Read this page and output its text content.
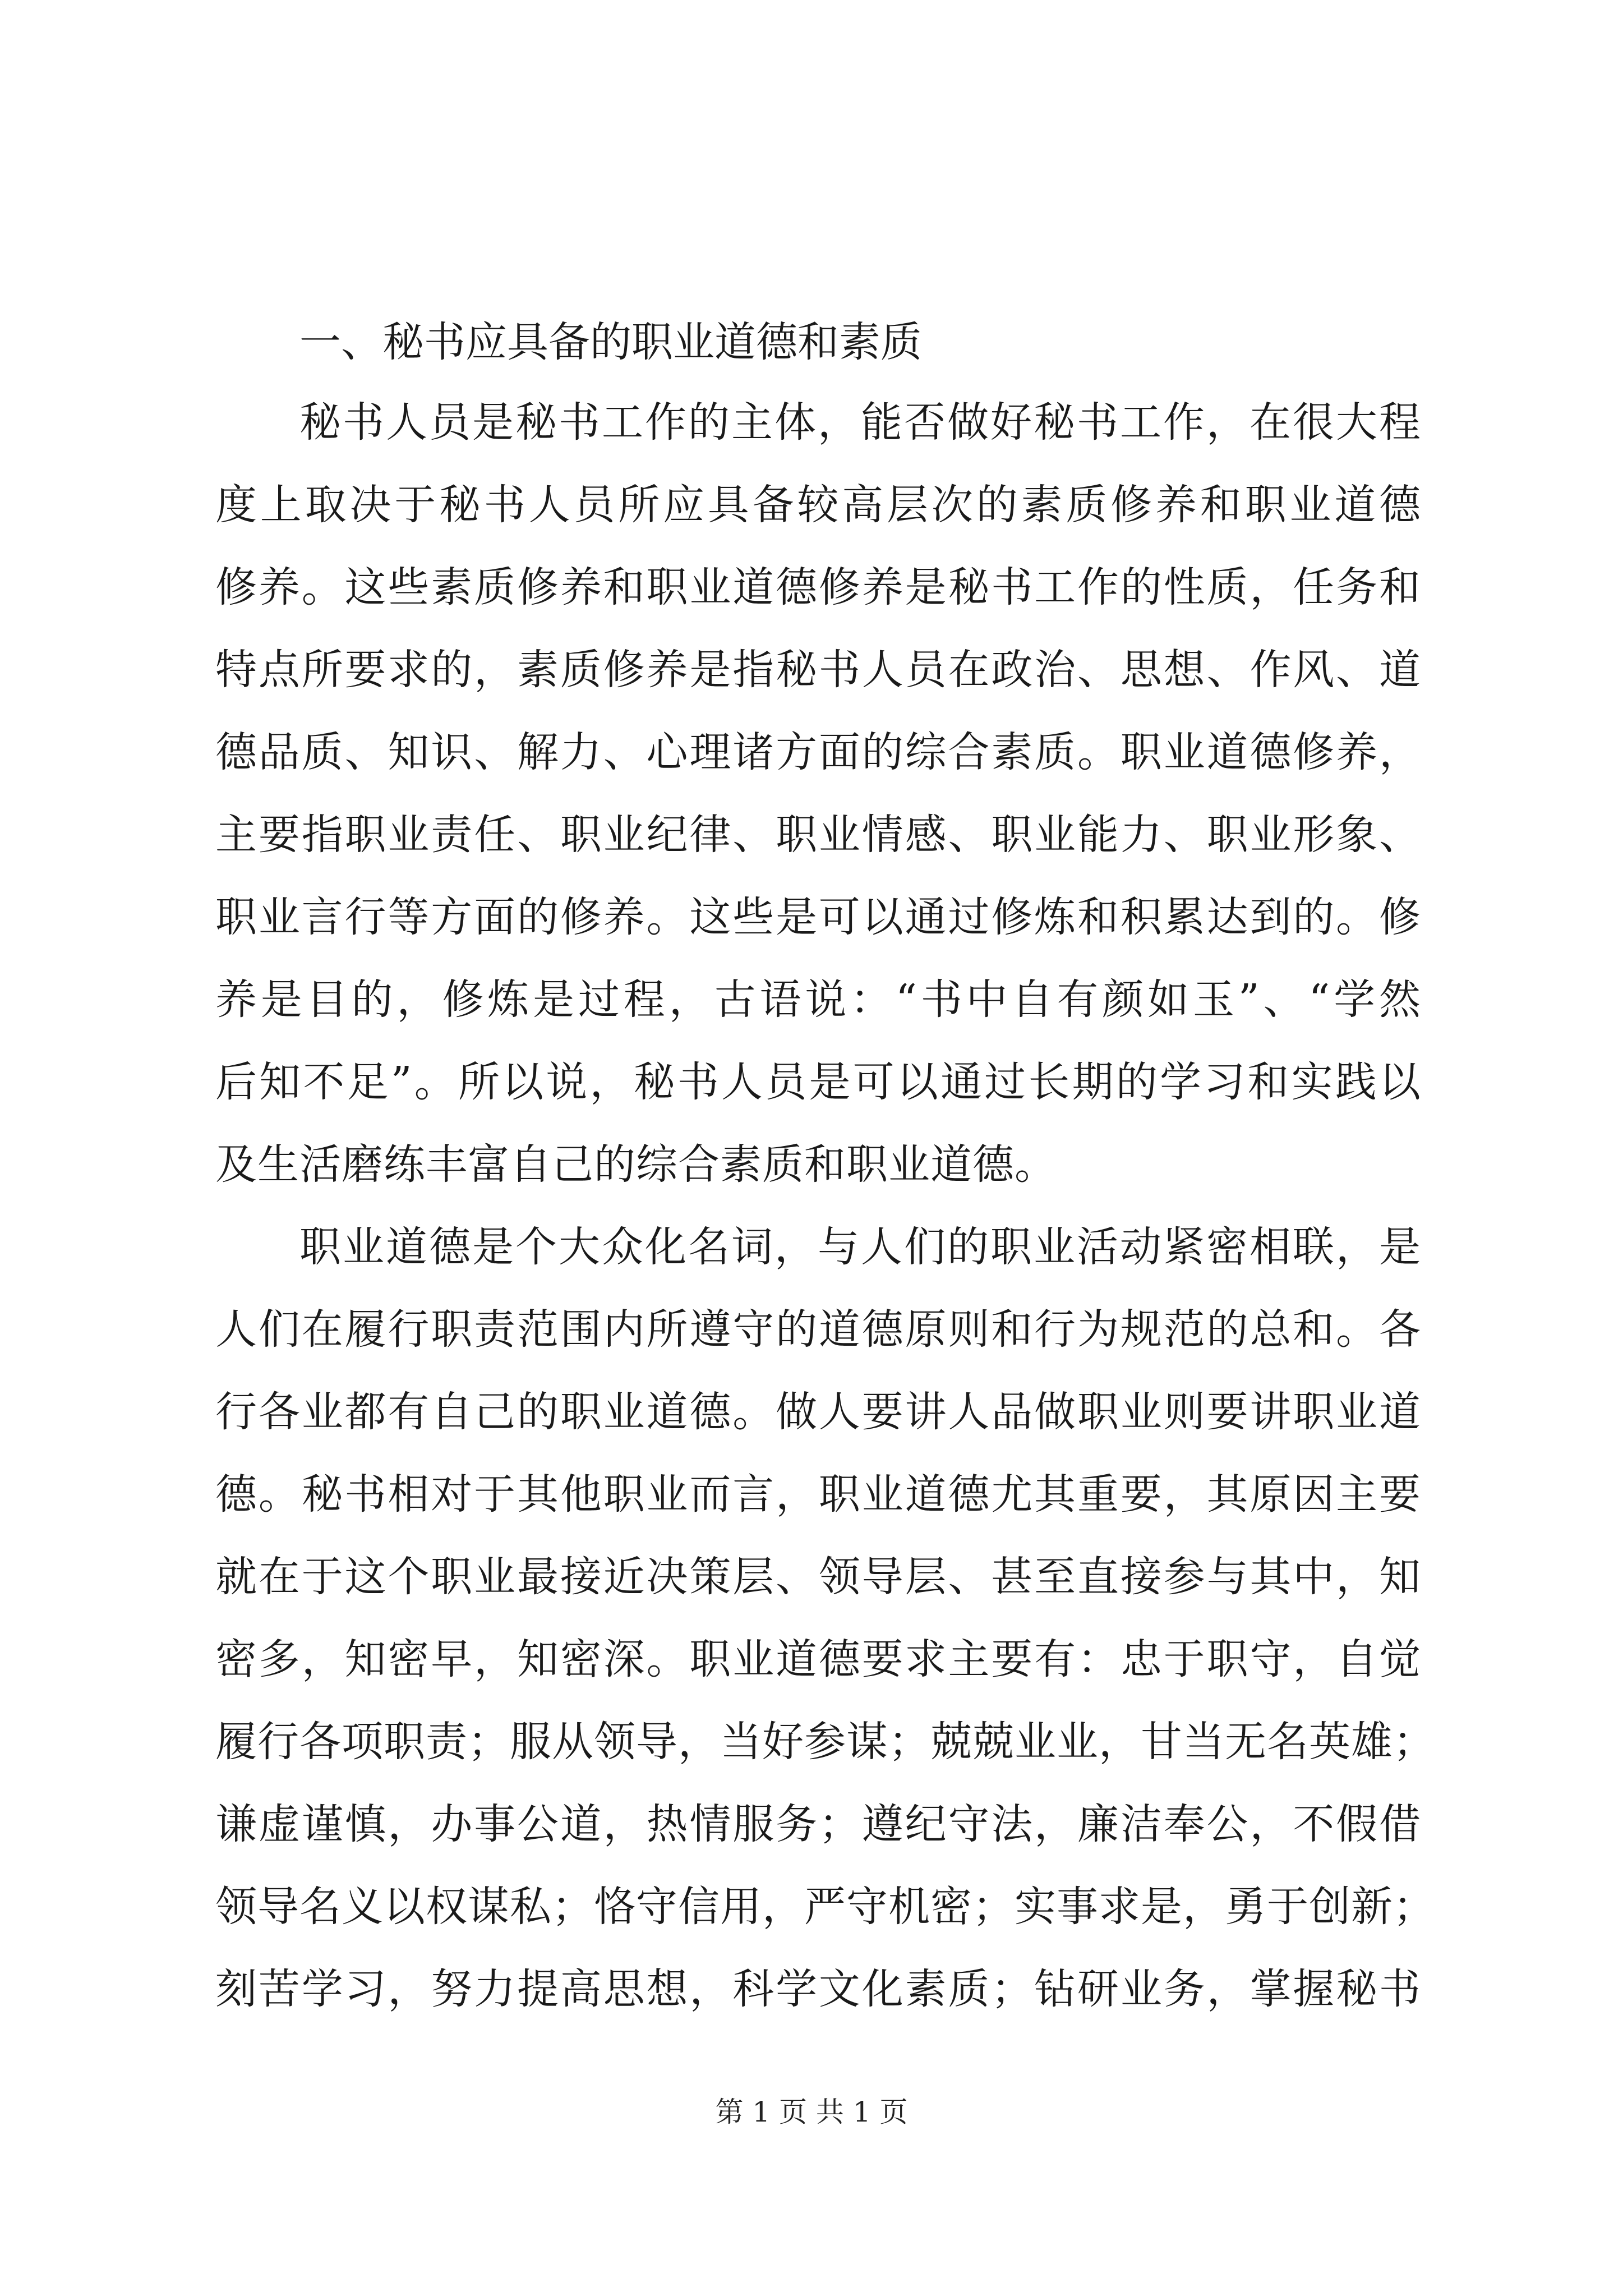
一、秘书应具备的职业道德和素质
秘书人员是秘书工作的主体，能否做好秘书工作，在很大程
度上取决于秘书人员所应具备较高层次的素质修养和职业道德
修养。这些素质修养和职业道德修养是秘书工作的性质，任务和
特点所要求的，素质修养是指秘书人员在政治、思想、作风、道
德品质、知识、解力、心理诸方面的综合素质。职业道德修养，
主要指职业责任、职业纪律、职业情感、职业能力、职业形象、
职业言行等方面的修养。这些是可以通过修炼和积累达到的。修
养是目的，修炼是过程，古语说：“书中自有颜如玉”、“学然
后知不足”。所以说，秘书人员是可以通过长期的学习和实践以
及生活磨练丰富自己的综合素质和职业道德。
职业道德是个大众化名词，与人们的职业活动紧密相联，是
人们在履行职责范围内所遵守的道德原则和行为规范的总和。各
行各业都有自己的职业道德。做人要讲人品做职业则要讲职业道
德。秘书相对于其他职业而言，职业道德尤其重要，其原因主要
就在于这个职业最接近决策层、领导层、甚至直接参与其中，知
密多，知密早，知密深。职业道德要求主要有：忠于职守，自觉
履行各项职责；服从领导，当好参谋；兢兢业业，甘当无名英雄；
谦虚谨慎，办事公道，热情服务；遵纪守法，廉洁奉公，不假借
领导名义以权谋私；恪守信用，严守机密；实事求是，勇于创新；
刻苦学习，努力提高思想，科学文化素质；钻研业务，掌握秘书
第 1 页 共 1 页
